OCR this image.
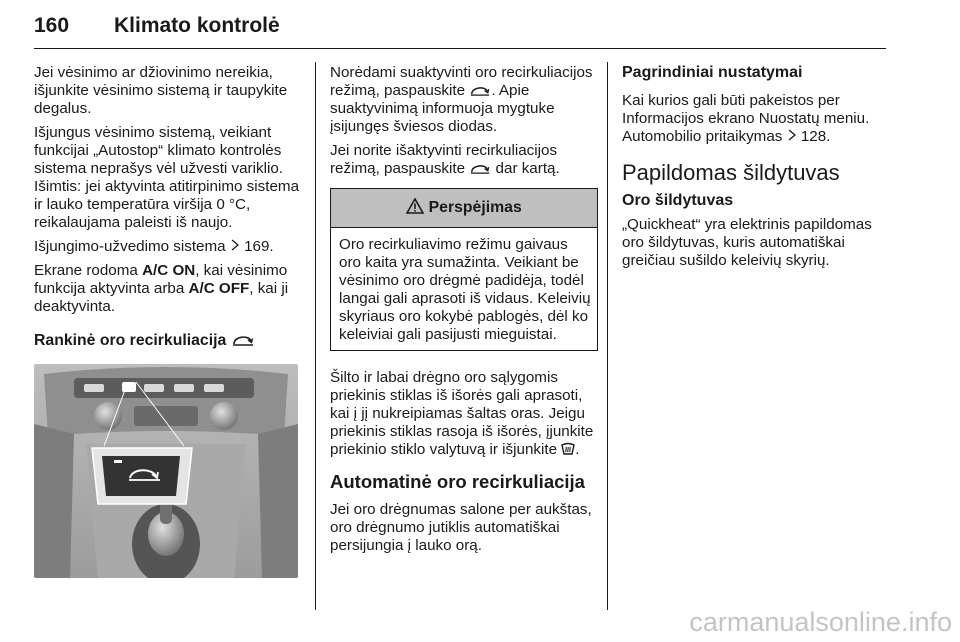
160 Klimato kontrolė

Jei vėsinimo ar džiovinimo nereikia, išjunkite vėsinimo sistemą ir taupykite degalus.

Išjungus vėsinimo sistemą, veikiant funkcijai „Autostop“ klimato kontrolės sistema neprašys vėl užvesti variklio. Išimtis: jei aktyvinta atitirpinimo sistema ir lauko temperatūra viršija 0 °C, reikalaujama paleisti iš naujo.

Išjungimo-užvedimo sistema 169.

Ekrane rodoma A/C ON, kai vėsinimo funkcija aktyvinta arba A/C OFF, kai ji deaktyvinta.

Rankinė oro recirkuliacija

Norėdami suaktyvinti oro recirkuliacijos režimą, paspauskite . Apie suaktyvinimą informuoja mygtuke įsijungęs šviesos diodas.

Jei norite išaktyvinti recirkuliacijos režimą, paspauskite dar kartą.

Perspėjimas
Oro recirkuliavimo režimu gaivaus oro kaita yra sumažinta. Veikiant be vėsinimo oro drėgmė padidėja, todėl langai gali aprasoti iš vidaus. Keleivių skyriaus oro kokybė pablogės, dėl ko keleiviai gali pasijusti mieguistai.

Šilto ir labai drėgno oro sąlygomis priekinis stiklas iš išorės gali aprasoti, kai į jį nukreipiamas šaltas oras. Jeigu priekinis stiklas rasoja iš išorės, įjunkite priekinio stiklo valytuvą ir išjunkite .

Automatinė oro recirkuliacija

Jei oro drėgnumas salone per aukštas, oro drėgnumo jutiklis automatiškai persijungia į lauko orą.

Pagrindiniai nustatymai

Kai kurios gali būti pakeistos per Informacijos ekrano Nuostatų meniu. Automobilio pritaikymas 128.

Papildomas šildytuvas
Oro šildytuvas

„Quickheat“ yra elektrinis papildomas oro šildytuvas, kuris automatiškai greičiau sušildo keleivių skyrių.

carmanualsonline.info
